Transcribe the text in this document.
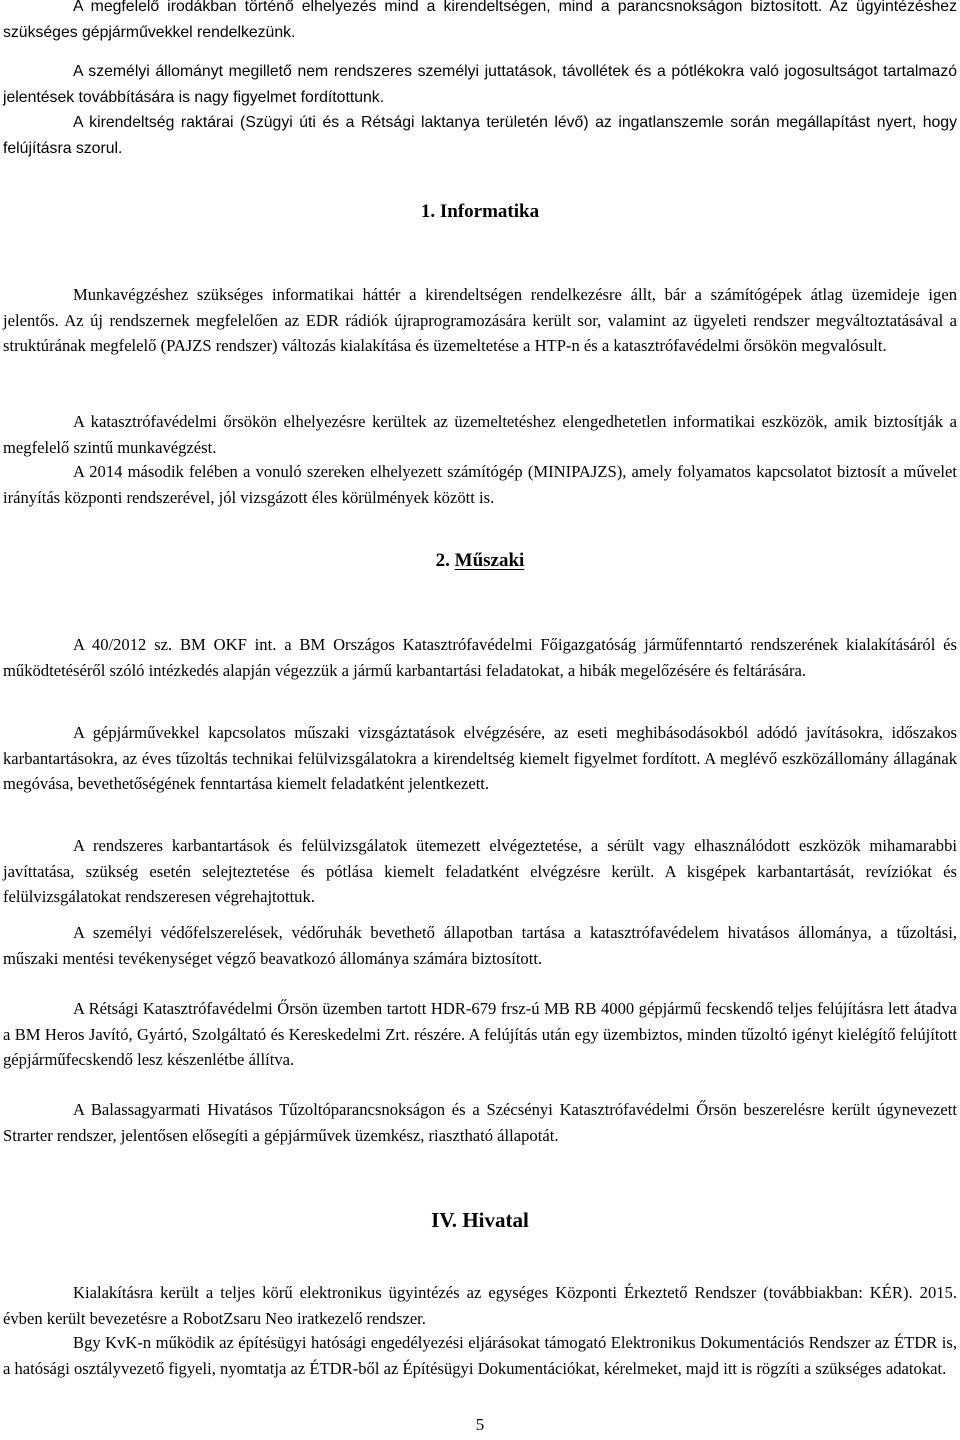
A megfelelő irodákban történő elhelyezés mind a kirendeltségen, mind a parancsnokságon biztosított. Az ügyintézéshez szükséges gépjárművekkel rendelkezünk.

A személyi állományt megillető nem rendszeres személyi juttatások, távollétek és a pótlékokra való jogosultságot tartalmazó jelentések továbbítására is nagy figyelmet fordítottunk.

A kirendeltség raktárai (Szügyi úti és a Rétsági laktanya területén lévő) az ingatlanszemle során megállapítást nyert, hogy felújításra szorul.

1. Informatika

Munkavégzéshez szükséges informatikai háttér a kirendeltségen rendelkezésre állt, bár a számítógépek átlag üzemideje igen jelentős. Az új rendszernek megfelelően az EDR rádiók újraprogramozására került sor, valamint az ügyeleti rendszer megváltoztatásával a struktúrának megfelelő (PAJZS rendszer) változás kialakítása és üzemeltetése a HTP-n és a katasztrófavédelmi őrsökön megvalósult.

A katasztrófavédelmi őrsökön elhelyezésre kerültek az üzemeltetéshez elengedhetetlen informatikai eszközök, amik biztosítják a megfelelő szintű munkavégzést.

A 2014 második felében a vonuló szereken elhelyezett számítógép (MINIPAJZS), amely folyamatos kapcsolatot biztosít a művelet irányítás központi rendszerével, jól vizsgázott éles körülmények között is.

2. Műszaki

A 40/2012 sz. BM OKF int. a BM Országos Katasztrófavédelmi Főigazgatóság járműfenntartó rendszerének kialakításáról és működtetéséről szóló intézkedés alapján végezzük a jármű karbantartási feladatokat, a hibák megelőzésére és feltárására.

A gépjárművekkel kapcsolatos műszaki vizsgáztatások elvégzésére, az eseti meghibásodásokból adódó javításokra, időszakos karbantartásokra, az éves tűzoltás technikai felülvizsgálatokra a kirendeltség kiemelt figyelmet fordított. A meglévő eszközállomány állagának megóvása, bevethetőségének fenntartása kiemelt feladatként jelentkezett.

A rendszeres karbantartások és felülvizsgálatok ütemezett elvégeztetése, a sérült vagy elhasználódott eszközök mihamarabbi javíttatása, szükség esetén selejteztetése és pótlása kiemelt feladatként elvégzésre került. A kisgépek karbantartását, revíziókat és felülvizsgálatokat rendszeresen végrehajtottuk.

A személyi védőfelszerelések, védőruhák bevethető állapotban tartása a katasztrófavédelem hivatásos állománya, a tűzoltási, műszaki mentési tevékenységet végző beavatkozó állománya számára biztosított.

A Rétsági Katasztrófavédelmi Őrsön üzemben tartott HDR-679 frsz-ú MB RB 4000 gépjármű fecskendő teljes felújításra lett átadva a BM Heros Javító, Gyártó, Szolgáltató és Kereskedelmi Zrt. részére. A felújítás után egy üzembiztos, minden tűzoltó igényt kielégítő felújított gépjárműfecskendő lesz készenlétbe állítva.

A Balassagyarmati Hivatásos Tűzoltóparancsnokságon és a Szécsényi Katasztrófavédelmi Őrsön beszerelésre került úgynevezett Strarter rendszer, jelentősen elősegíti a gépjárművek üzemkész, riasztható állapotát.

IV. Hivatal

Kialakításra került a teljes körű elektronikus ügyintézés az egységes Központi Érkeztető Rendszer (továbbiakban: KÉR). 2015. évben került bevezetésre a RobotZsaru Neo iratkezelő rendszer.

Bgy KvK-n működik az építésügyi hatósági engedélyezési eljárásokat támogató Elektronikus Dokumentációs Rendszer az ÉTDR is, a hatósági osztályvezető figyeli, nyomtatja az ÉTDR-ből az Építésügyi Dokumentációkat, kérelmeket, majd itt is rögzíti a szükséges adatokat.

5
